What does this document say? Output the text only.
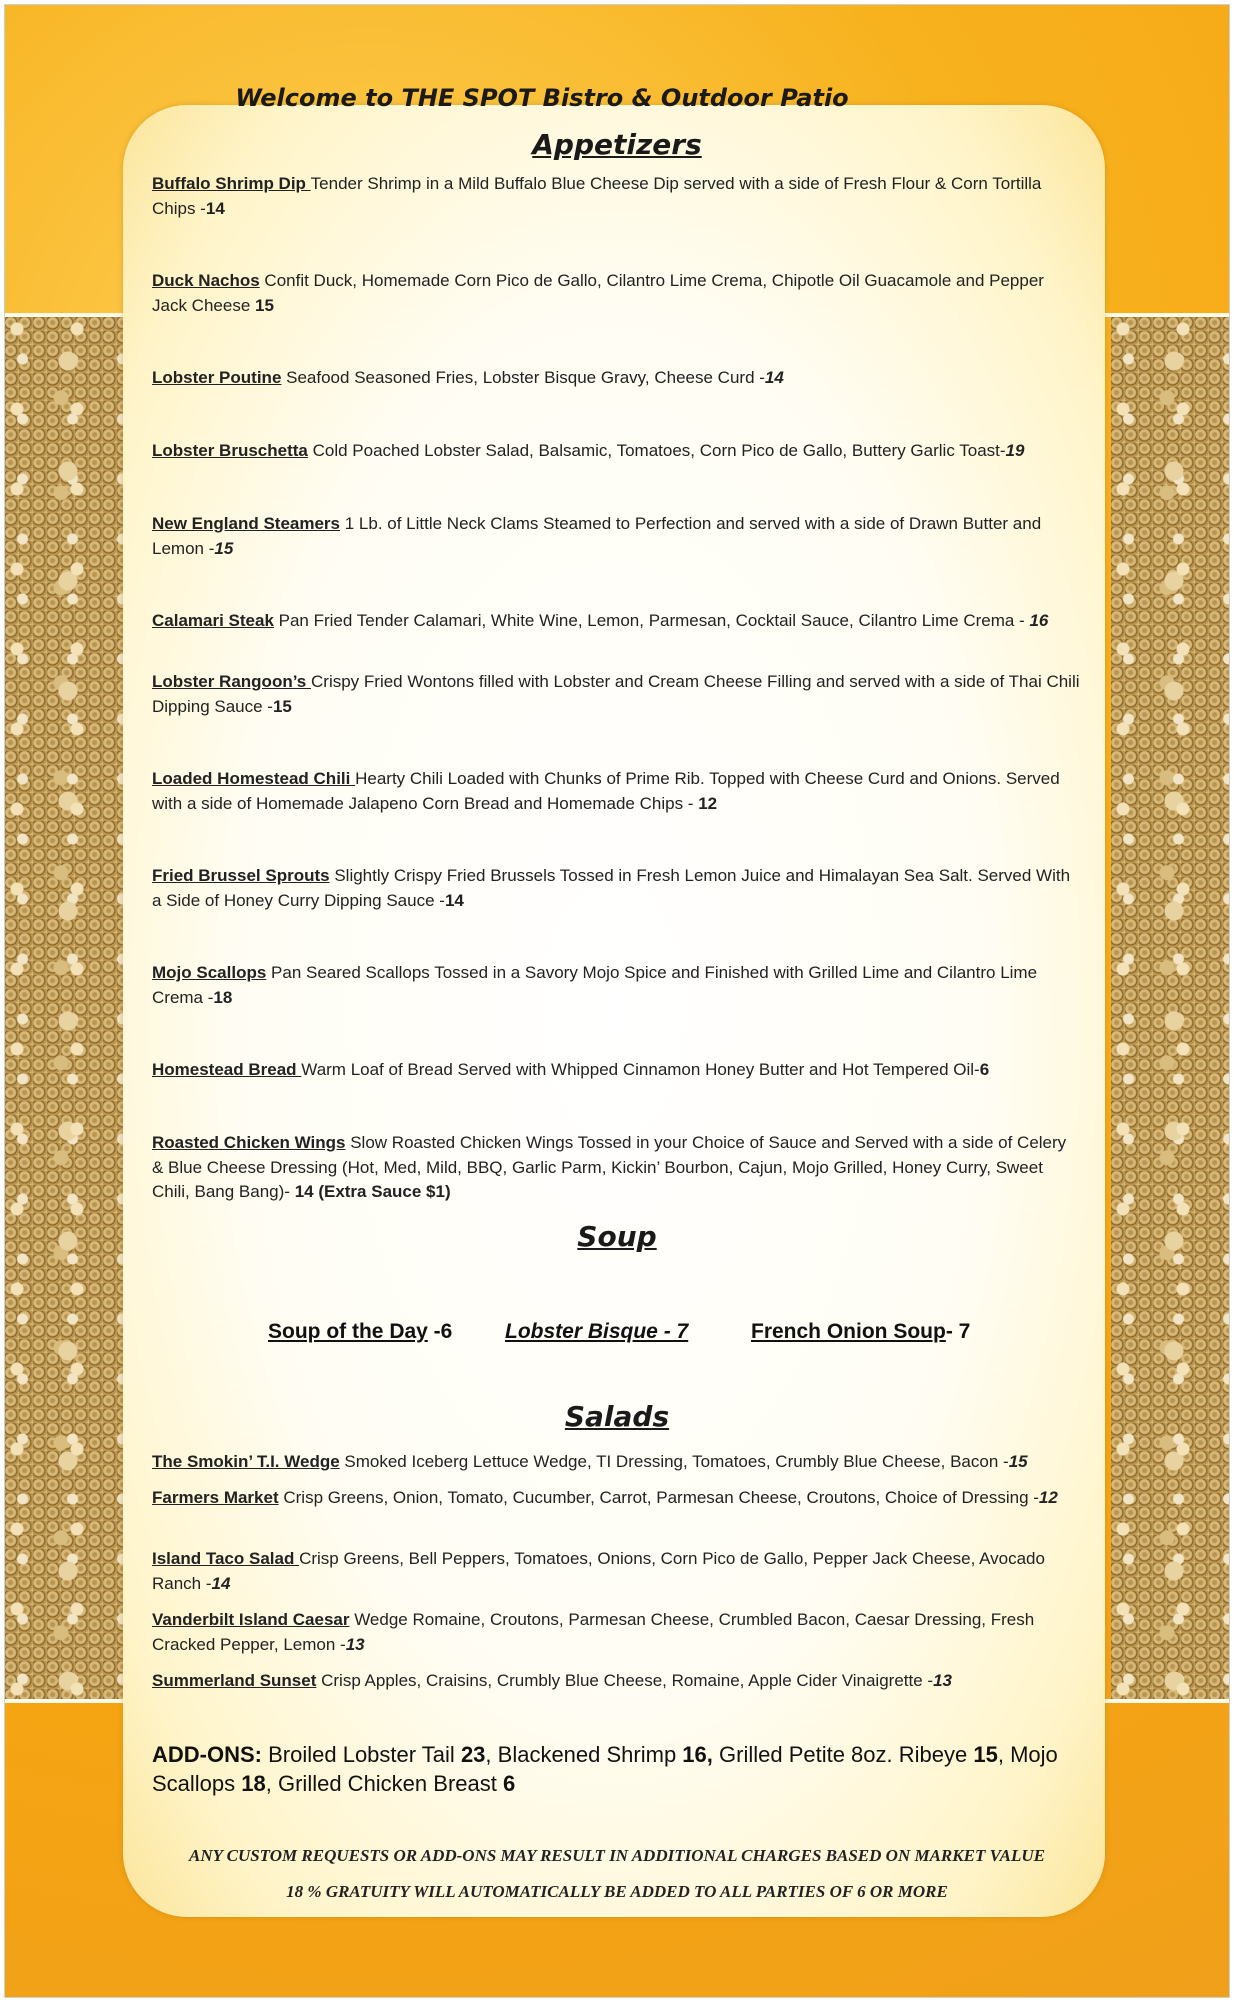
Welcome to THE SPOT Bistro & Outdoor Patio
Appetizers
Buffalo Shrimp Dip Tender Shrimp in a Mild Buffalo Blue Cheese Dip served with a side of Fresh Flour & Corn Tortilla Chips -14
Duck Nachos Confit Duck, Homemade Corn Pico de Gallo, Cilantro Lime Crema, Chipotle Oil Guacamole and Pepper Jack Cheese 15
Lobster Poutine Seafood Seasoned Fries, Lobster Bisque Gravy, Cheese Curd -14
Lobster Bruschetta Cold Poached Lobster Salad, Balsamic, Tomatoes, Corn Pico de Gallo, Buttery Garlic Toast-19
New England Steamers 1 Lb. of Little Neck Clams Steamed to Perfection and served with a side of Drawn Butter and Lemon -15
Calamari Steak Pan Fried Tender Calamari, White Wine, Lemon, Parmesan, Cocktail Sauce, Cilantro Lime Crema - 16
Lobster Rangoon’s Crispy Fried Wontons filled with Lobster and Cream Cheese Filling and served with a side of Thai Chili Dipping Sauce -15
Loaded Homestead Chili Hearty Chili Loaded with Chunks of Prime Rib. Topped with Cheese Curd and Onions. Served with a side of Homemade Jalapeno Corn Bread and Homemade Chips - 12
Fried Brussel Sprouts Slightly Crispy Fried Brussels Tossed in Fresh Lemon Juice and Himalayan Sea Salt. Served With a Side of Honey Curry Dipping Sauce -14
Mojo Scallops Pan Seared Scallops Tossed in a Savory Mojo Spice and Finished with Grilled Lime and Cilantro Lime Crema -18
Homestead Bread Warm Loaf of Bread Served with Whipped Cinnamon Honey Butter and Hot Tempered Oil-6
Roasted Chicken Wings Slow Roasted Chicken Wings Tossed in your Choice of Sauce and Served with a side of Celery & Blue Cheese Dressing (Hot, Med, Mild, BBQ, Garlic Parm, Kickin’ Bourbon, Cajun, Mojo Grilled, Honey Curry, Sweet Chili, Bang Bang)- 14 (Extra Sauce $1)
Soup
Soup of the Day -6	Lobster Bisque - 7	French Onion Soup- 7
Salads
The Smokin’ T.I. Wedge Smoked Iceberg Lettuce Wedge, TI Dressing, Tomatoes, Crumbly Blue Cheese, Bacon -15
Farmers Market Crisp Greens, Onion, Tomato, Cucumber, Carrot, Parmesan Cheese, Croutons, Choice of Dressing -12
Island Taco Salad Crisp Greens, Bell Peppers, Tomatoes, Onions, Corn Pico de Gallo, Pepper Jack Cheese, Avocado Ranch -14
Vanderbilt Island Caesar Wedge Romaine, Croutons, Parmesan Cheese, Crumbled Bacon, Caesar Dressing, Fresh Cracked Pepper, Lemon -13
Summerland Sunset Crisp Apples, Craisins, Crumbly Blue Cheese, Romaine, Apple Cider Vinaigrette -13
ADD-ONS: Broiled Lobster Tail 23, Blackened Shrimp 16, Grilled Petite 8oz. Ribeye 15, Mojo Scallops 18, Grilled Chicken Breast 6
ANY CUSTOM REQUESTS OR ADD-ONS MAY RESULT IN ADDITIONAL CHARGES BASED ON MARKET VALUE
18 % GRATUITY WILL AUTOMATICALLY BE ADDED TO ALL PARTIES OF 6 OR MORE
